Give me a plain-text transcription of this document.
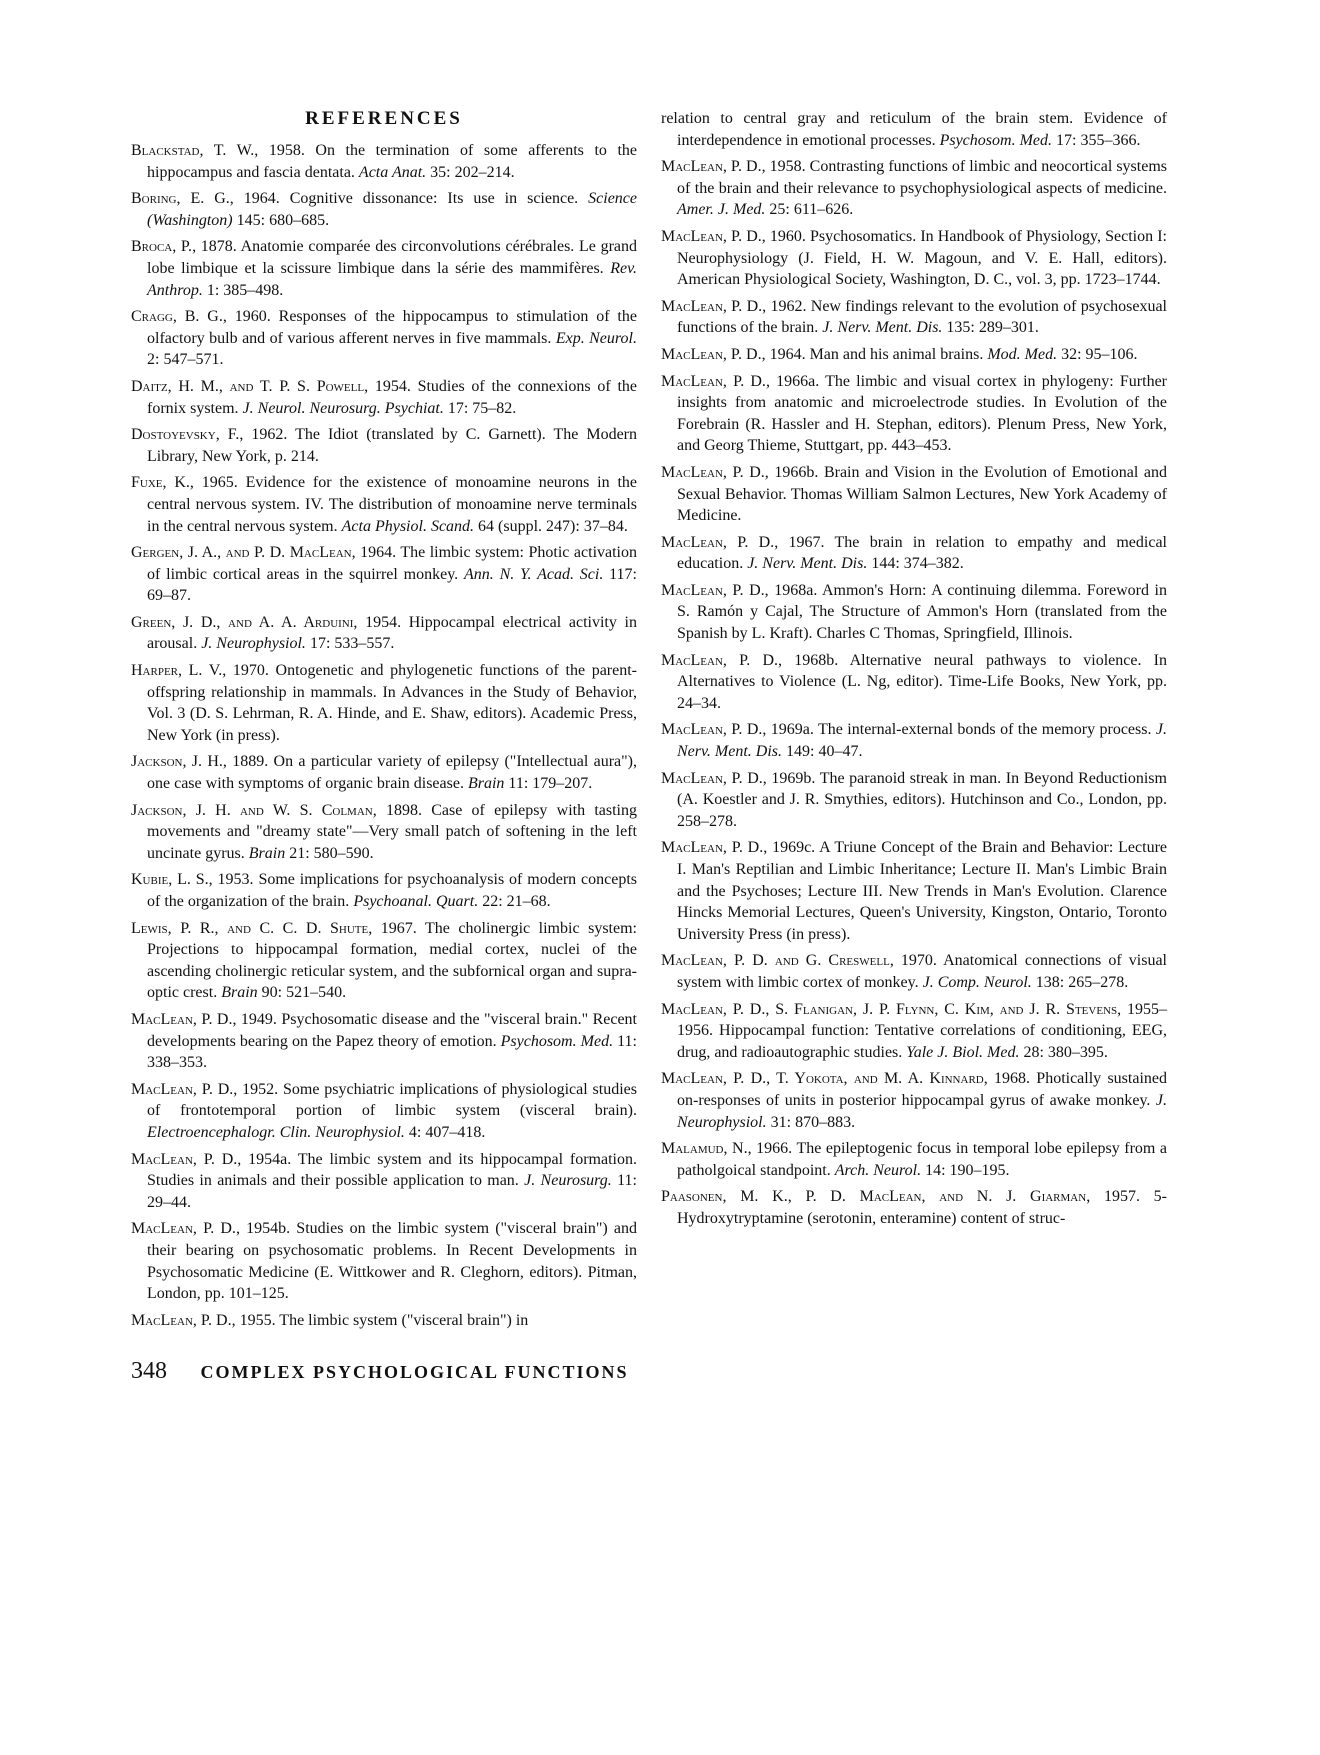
REFERENCES

Blackstad, T. W., 1958. On the termination of some afferents to the hippocampus and fascia dentata. Acta Anat. 35: 202–214.

Boring, E. G., 1964. Cognitive dissonance: Its use in science. Science (Washington) 145: 680–685.

Broca, P., 1878. Anatomie comparée des circonvolutions cérébrales. Le grand lobe limbique et la scissure limbique dans la série des mammifères. Rev. Anthrop. 1: 385–498.

Cragg, B. G., 1960. Responses of the hippocampus to stimulation of the olfactory bulb and of various afferent nerves in five mammals. Exp. Neurol. 2: 547–571.

Daitz, H. M., and T. P. S. Powell, 1954. Studies of the connexions of the fornix system. J. Neurol. Neurosurg. Psychiat. 17: 75–82.

Dostoyevsky, F., 1962. The Idiot (translated by C. Garnett). The Modern Library, New York, p. 214.

Fuxe, K., 1965. Evidence for the existence of monoamine neurons in the central nervous system. IV. The distribution of monoamine nerve terminals in the central nervous system. Acta Physiol. Scand. 64 (suppl. 247): 37–84.

Gergen, J. A., and P. D. MacLean, 1964. The limbic system: Photic activation of limbic cortical areas in the squirrel monkey. Ann. N. Y. Acad. Sci. 117: 69–87.

Green, J. D., and A. A. Arduini, 1954. Hippocampal electrical activity in arousal. J. Neurophysiol. 17: 533–557.

Harper, L. V., 1970. Ontogenetic and phylogenetic functions of the parent-offspring relationship in mammals. In Advances in the Study of Behavior, Vol. 3 (D. S. Lehrman, R. A. Hinde, and E. Shaw, editors). Academic Press, New York (in press).

Jackson, J. H., 1889. On a particular variety of epilepsy ("Intellectual aura"), one case with symptoms of organic brain disease. Brain 11: 179–207.

Jackson, J. H. and W. S. Colman, 1898. Case of epilepsy with tasting movements and "dreamy state"—Very small patch of softening in the left uncinate gyrus. Brain 21: 580–590.

Kubie, L. S., 1953. Some implications for psychoanalysis of modern concepts of the organization of the brain. Psychoanal. Quart. 22: 21–68.

Lewis, P. R., and C. C. D. Shute, 1967. The cholinergic limbic system: Projections to hippocampal formation, medial cortex, nuclei of the ascending cholinergic reticular system, and the subfornical organ and supra-optic crest. Brain 90: 521–540.

MacLean, P. D., 1949. Psychosomatic disease and the "visceral brain." Recent developments bearing on the Papez theory of emotion. Psychosom. Med. 11: 338–353.

MacLean, P. D., 1952. Some psychiatric implications of physiological studies of frontotemporal portion of limbic system (visceral brain). Electroencephalogr. Clin. Neurophysiol. 4: 407–418.

MacLean, P. D., 1954a. The limbic system and its hippocampal formation. Studies in animals and their possible application to man. J. Neurosurg. 11: 29–44.

MacLean, P. D., 1954b. Studies on the limbic system ("visceral brain") and their bearing on psychosomatic problems. In Recent Developments in Psychosomatic Medicine (E. Wittkower and R. Cleghorn, editors). Pitman, London, pp. 101–125.

MacLean, P. D., 1955. The limbic system ("visceral brain") in

relation to central gray and reticulum of the brain stem. Evidence of interdependence in emotional processes. Psychosom. Med. 17: 355–366.

MacLean, P. D., 1958. Contrasting functions of limbic and neocortical systems of the brain and their relevance to psychophysiological aspects of medicine. Amer. J. Med. 25: 611–626.

MacLean, P. D., 1960. Psychosomatics. In Handbook of Physiology, Section I: Neurophysiology (J. Field, H. W. Magoun, and V. E. Hall, editors). American Physiological Society, Washington, D. C., vol. 3, pp. 1723–1744.

MacLean, P. D., 1962. New findings relevant to the evolution of psychosexual functions of the brain. J. Nerv. Ment. Dis. 135: 289–301.

MacLean, P. D., 1964. Man and his animal brains. Mod. Med. 32: 95–106.

MacLean, P. D., 1966a. The limbic and visual cortex in phylogeny: Further insights from anatomic and microelectrode studies. In Evolution of the Forebrain (R. Hassler and H. Stephan, editors). Plenum Press, New York, and Georg Thieme, Stuttgart, pp. 443–453.

MacLean, P. D., 1966b. Brain and Vision in the Evolution of Emotional and Sexual Behavior. Thomas William Salmon Lectures, New York Academy of Medicine.

MacLean, P. D., 1967. The brain in relation to empathy and medical education. J. Nerv. Ment. Dis. 144: 374–382.

MacLean, P. D., 1968a. Ammon's Horn: A continuing dilemma. Foreword in S. Ramón y Cajal, The Structure of Ammon's Horn (translated from the Spanish by L. Kraft). Charles C Thomas, Springfield, Illinois.

MacLean, P. D., 1968b. Alternative neural pathways to violence. In Alternatives to Violence (L. Ng, editor). Time-Life Books, New York, pp. 24–34.

MacLean, P. D., 1969a. The internal-external bonds of the memory process. J. Nerv. Ment. Dis. 149: 40–47.

MacLean, P. D., 1969b. The paranoid streak in man. In Beyond Reductionism (A. Koestler and J. R. Smythies, editors). Hutchinson and Co., London, pp. 258–278.

MacLean, P. D., 1969c. A Triune Concept of the Brain and Behavior: Lecture I. Man's Reptilian and Limbic Inheritance; Lecture II. Man's Limbic Brain and the Psychoses; Lecture III. New Trends in Man's Evolution. Clarence Hincks Memorial Lectures, Queen's University, Kingston, Ontario, Toronto University Press (in press).

MacLean, P. D. and G. Creswell, 1970. Anatomical connections of visual system with limbic cortex of monkey. J. Comp. Neurol. 138: 265–278.

MacLean, P. D., S. Flanigan, J. P. Flynn, C. Kim, and J. R. Stevens, 1955–1956. Hippocampal function: Tentative correlations of conditioning, EEG, drug, and radioautographic studies. Yale J. Biol. Med. 28: 380–395.

MacLean, P. D., T. Yokota, and M. A. Kinnard, 1968. Photically sustained on-responses of units in posterior hippocampal gyrus of awake monkey. J. Neurophysiol. 31: 870–883.

Malamud, N., 1966. The epileptogenic focus in temporal lobe epilepsy from a patholgoical standpoint. Arch. Neurol. 14: 190–195.

Paasonen, M. K., P. D. MacLean, and N. J. Giarman, 1957. 5-Hydroxytryptamine (serotonin, enteramine) content of struc-

348 COMPLEX PSYCHOLOGICAL FUNCTIONS
